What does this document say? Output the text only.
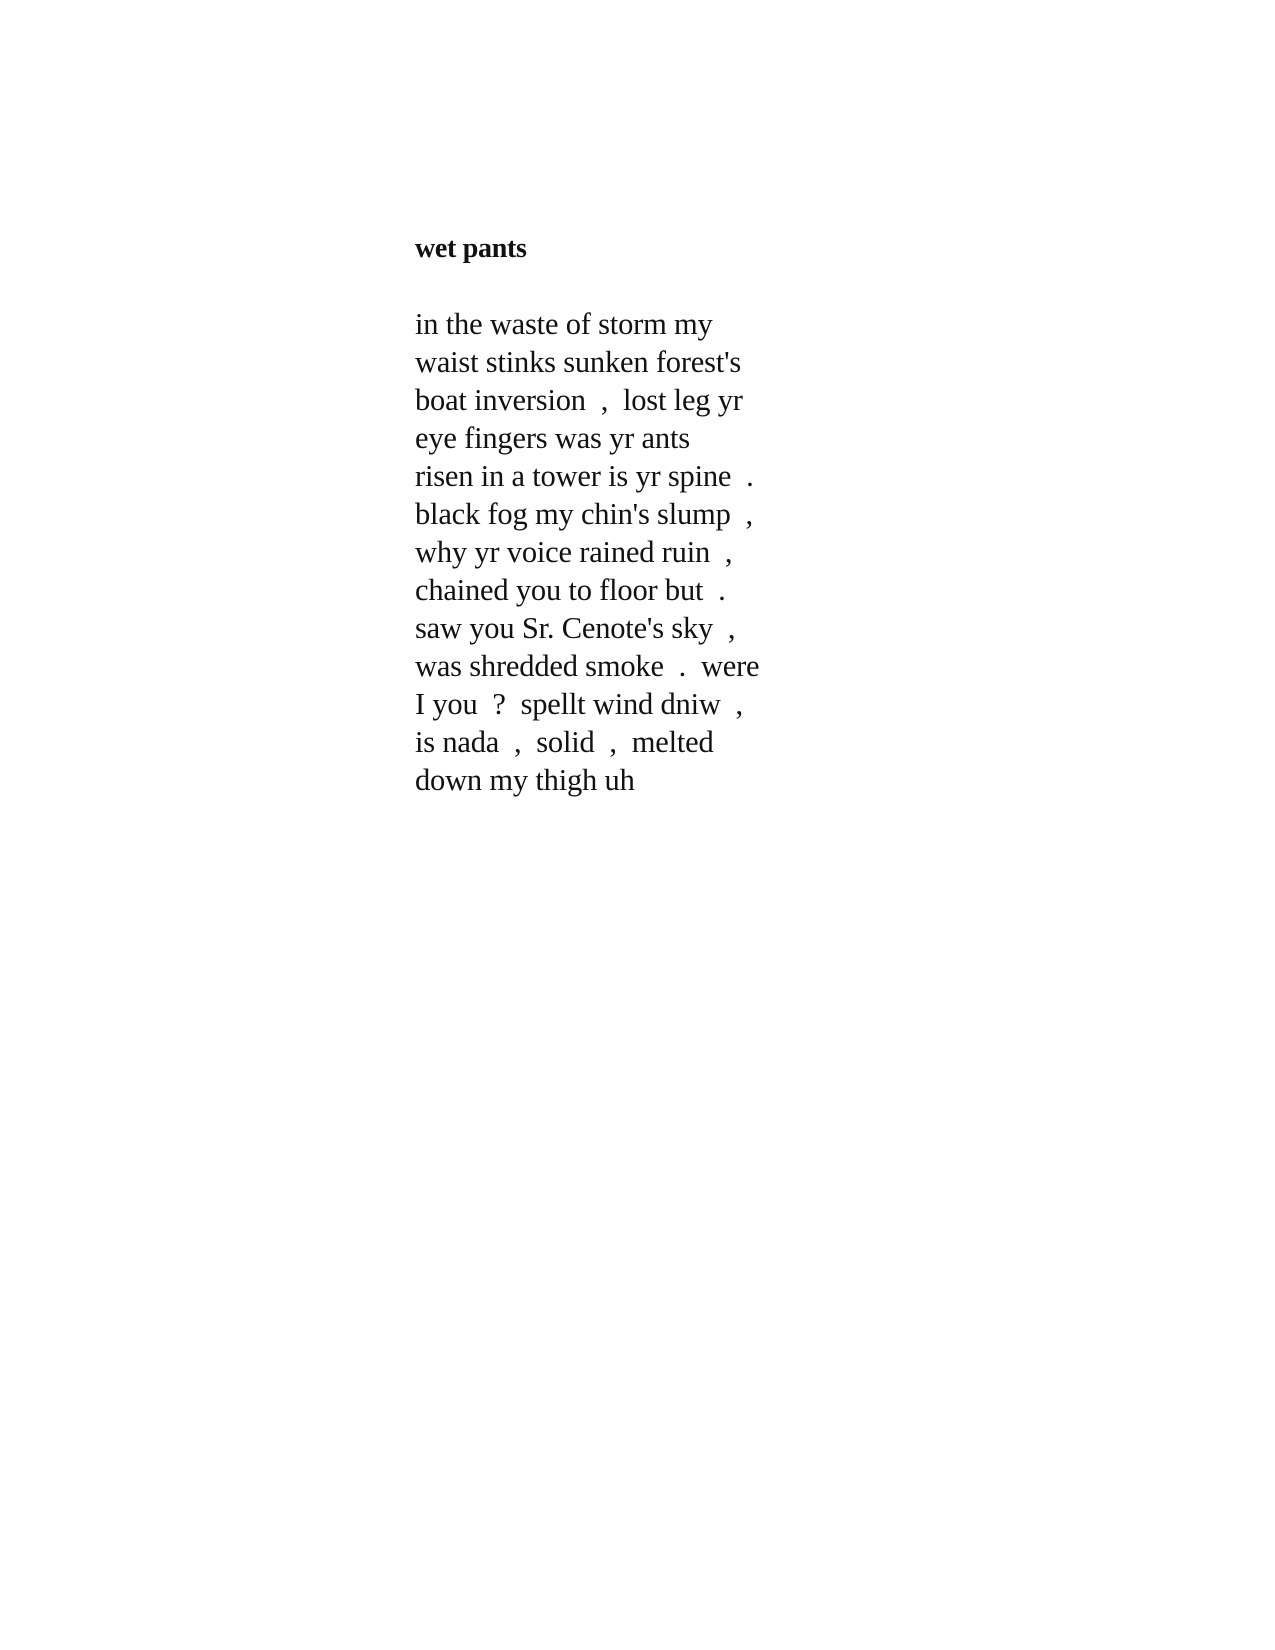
wet pants
in the waste of storm my
waist stinks sunken forest's
boat inversion  ,  lost leg yr
eye fingers was yr ants
risen in a tower is yr spine  .
black fog my chin's slump  ,
why yr voice rained ruin  ,
chained you to floor but  .
saw you Sr. Cenote's sky  ,
was shredded smoke  .  were
I you  ?  spellt wind dniw  ,
is nada  ,  solid  ,  melted
down my thigh uh
